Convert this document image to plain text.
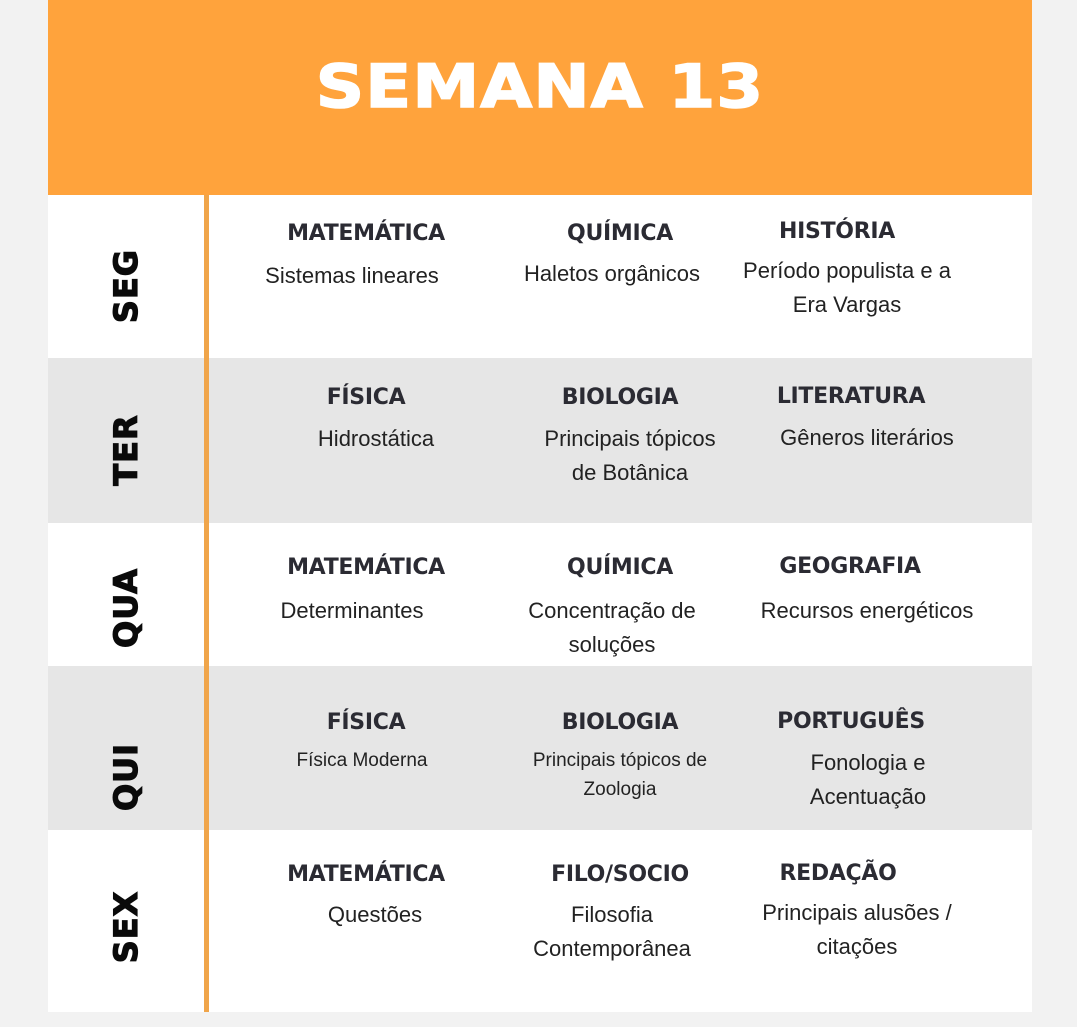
SEMANA 13
SEG
TER
QUA
QUI
SEX
MATEMÁTICA
Sistemas lineares
QUÍMICA
Haletos orgânicos
HISTÓRIA
Período populista e a
Era Vargas
FÍSICA
Hidrostática
BIOLOGIA
Principais tópicos
de Botânica
LITERATURA
Gêneros literários
MATEMÁTICA
Determinantes
QUÍMICA
Concentração de
soluções
GEOGRAFIA
Recursos energéticos
FÍSICA
Física Moderna
BIOLOGIA
Principais tópicos de
Zoologia
PORTUGUÊS
Fonologia e
Acentuação
MATEMÁTICA
Questões
FILO/SOCIO
Filosofia
Contemporânea
REDAÇÃO
Principais alusões /
citações
